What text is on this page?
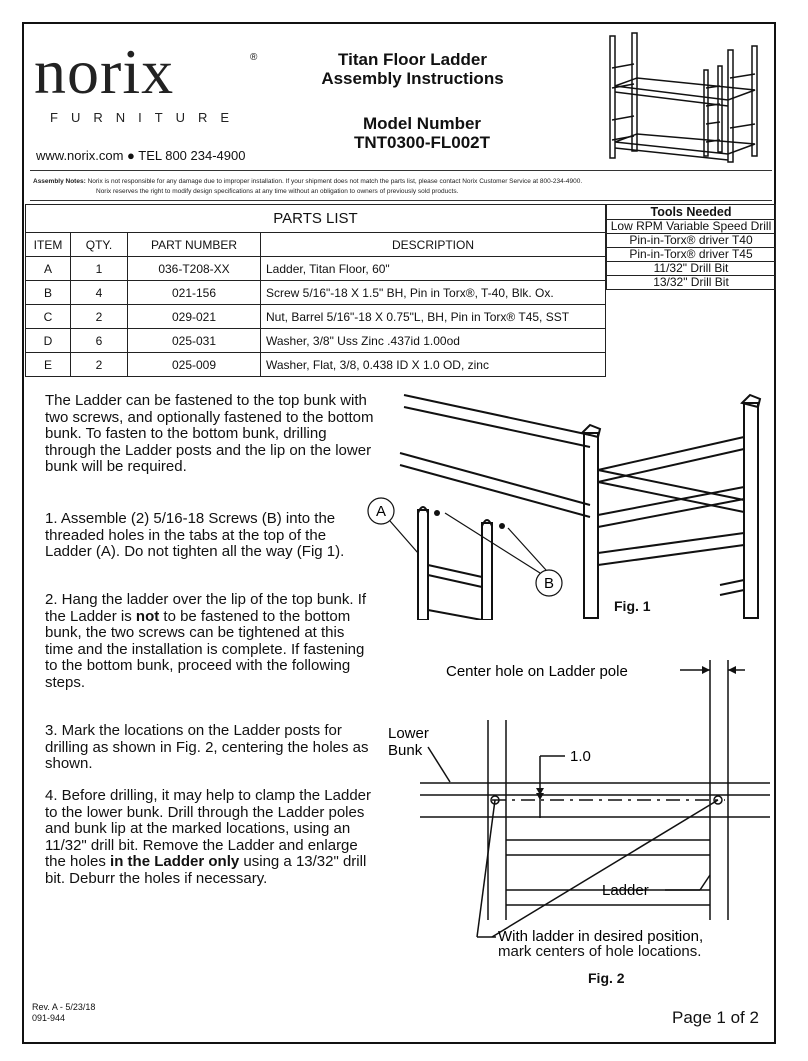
norix	®
FURNITURE
www.norix.com ● TEL 800 234-4900
Titan Floor Ladder
Assembly Instructions
Model Number
TNT0300-FL002T
Assembly Notes: Norix is not responsible for any damage due to improper installation. If your shipment does not match the parts list, please contact Norix Customer Service at 800-234-4900.
Norix reserves the right to modify design specifications at any time without an obligation to owners of previously sold products.
PARTS LIST			
ITEM	QTY.	PART NUMBER	DESCRIPTION
A	1	036-T208-XX	Ladder, Titan Floor, 60"
B	4	021-156	Screw 5/16"-18 X 1.5" BH, Pin in Torx®, T-40, Blk. Ox.
C	2	029-021	Nut, Barrel 5/16"-18 X 0.75"L, BH, Pin in Torx® T45, SST
D	6	025-031	Washer, 3/8" Uss Zinc .437id 1.00od
E	2	025-009	Washer, Flat, 3/8, 0.438 ID X 1.0 OD, zinc
Tools Needed
Low RPM Variable Speed Drill
Pin-in-Torx® driver T40
Pin-in-Torx® driver T45
11/32" Drill Bit
13/32" Drill Bit
The Ladder can be fastened to the top bunk with two screws, and optionally fastened to the bottom bunk. To fasten to the bottom bunk, drilling through the Ladder posts and the lip on the lower bunk will be required.
1. Assemble (2) 5/16-18 Screws (B) into the threaded holes in the tabs at the top of the Ladder (A). Do not tighten all the way (Fig 1).
2. Hang the ladder over the lip of the top bunk. If the Ladder is not to be fastened to the bottom bunk, the two screws can be tightened at this time and the installation is complete. If fastening to the bottom bunk, proceed with the following steps.
3. Mark the locations on the Ladder posts for drilling as shown in Fig. 2, centering the holes as shown.
4. Before drilling, it may help to clamp the Ladder to the lower bunk. Drill through the Ladder poles and bunk lip at the marked locations, using an 11/32" drill bit. Remove the Ladder and enlarge the holes in the Ladder only using a 13/32" drill bit. Deburr the holes if necessary.
A
B
Fig. 1
Center hole on Ladder pole
Lower
Bunk	1.0
Ladder
With ladder in desired position,
mark centers of hole locations.
Fig. 2
Rev. A - 5/23/18
091-944	Page 1 of 2
